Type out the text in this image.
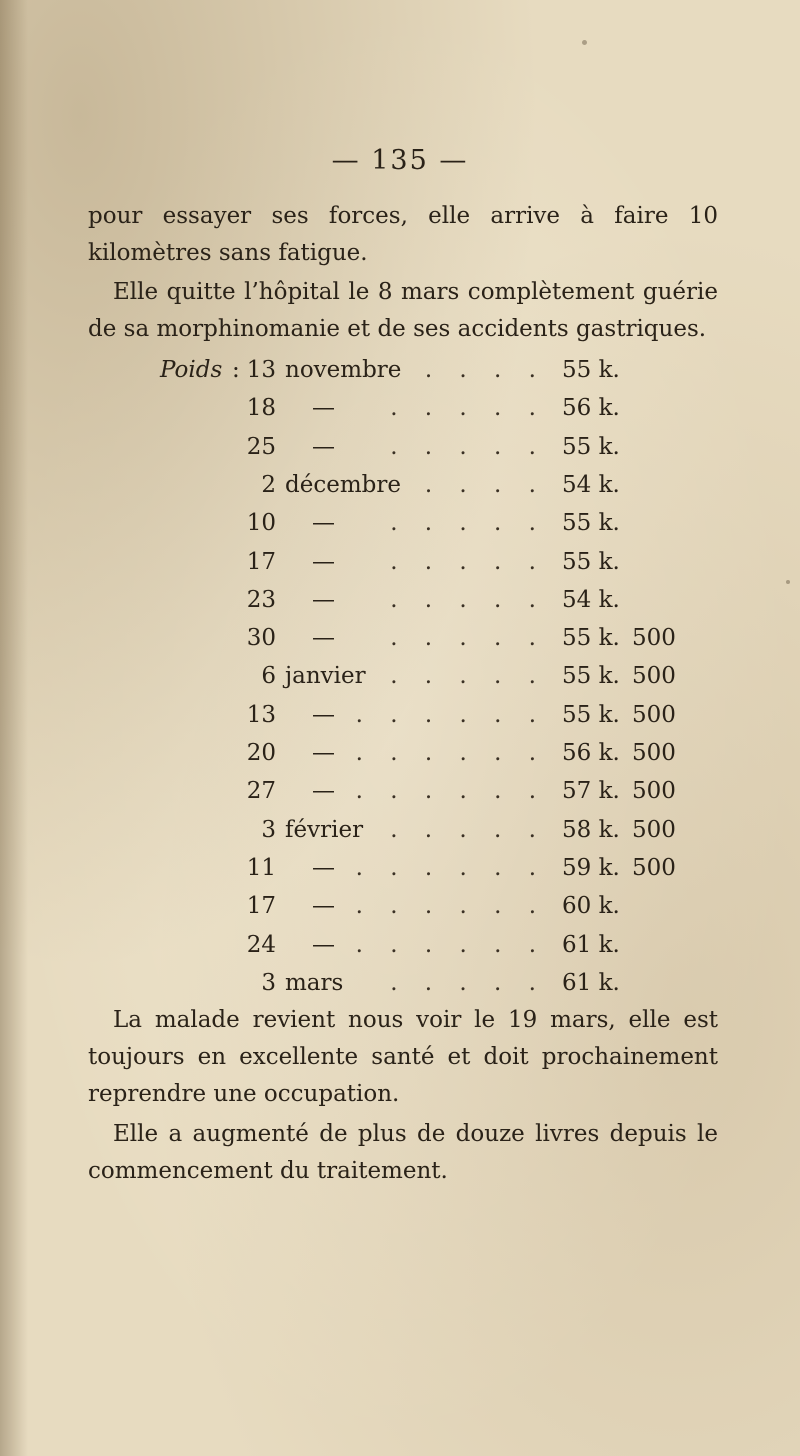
— 135 —

pour essayer ses forces, elle arrive à faire 10 kilomètres sans fatigue.

Elle quitte l’hôpital le 8 mars complètement guérie de sa morphinomanie et de ses accidents gastriques.

Poids : 13 novembre . . . . 55 k.
18 — . . . . . 56 k.
25 — . . . . . 55 k.
2 décembre . . . . 54 k.
10 — . . . . . 55 k.
17 — . . . . . 55 k.
23 — . . . . . 54 k.
30 — . . . . . 55 k. 500
6 janvier . . . . . 55 k. 500
13 — . . . . . . 55 k. 500
20 — . . . . . . 56 k. 500
27 — . . . . . . 57 k. 500
3 février . . . . . 58 k. 500
11 — . . . . . . 59 k. 500
17 — . . . . . . 60 k.
24 — . . . . . . 61 k.
3 mars . . . . . 61 k.

La malade revient nous voir le 19 mars, elle est toujours en excellente santé et doit prochainement reprendre une occupation.

Elle a augmenté de plus de douze livres depuis le commencement du traitement.
